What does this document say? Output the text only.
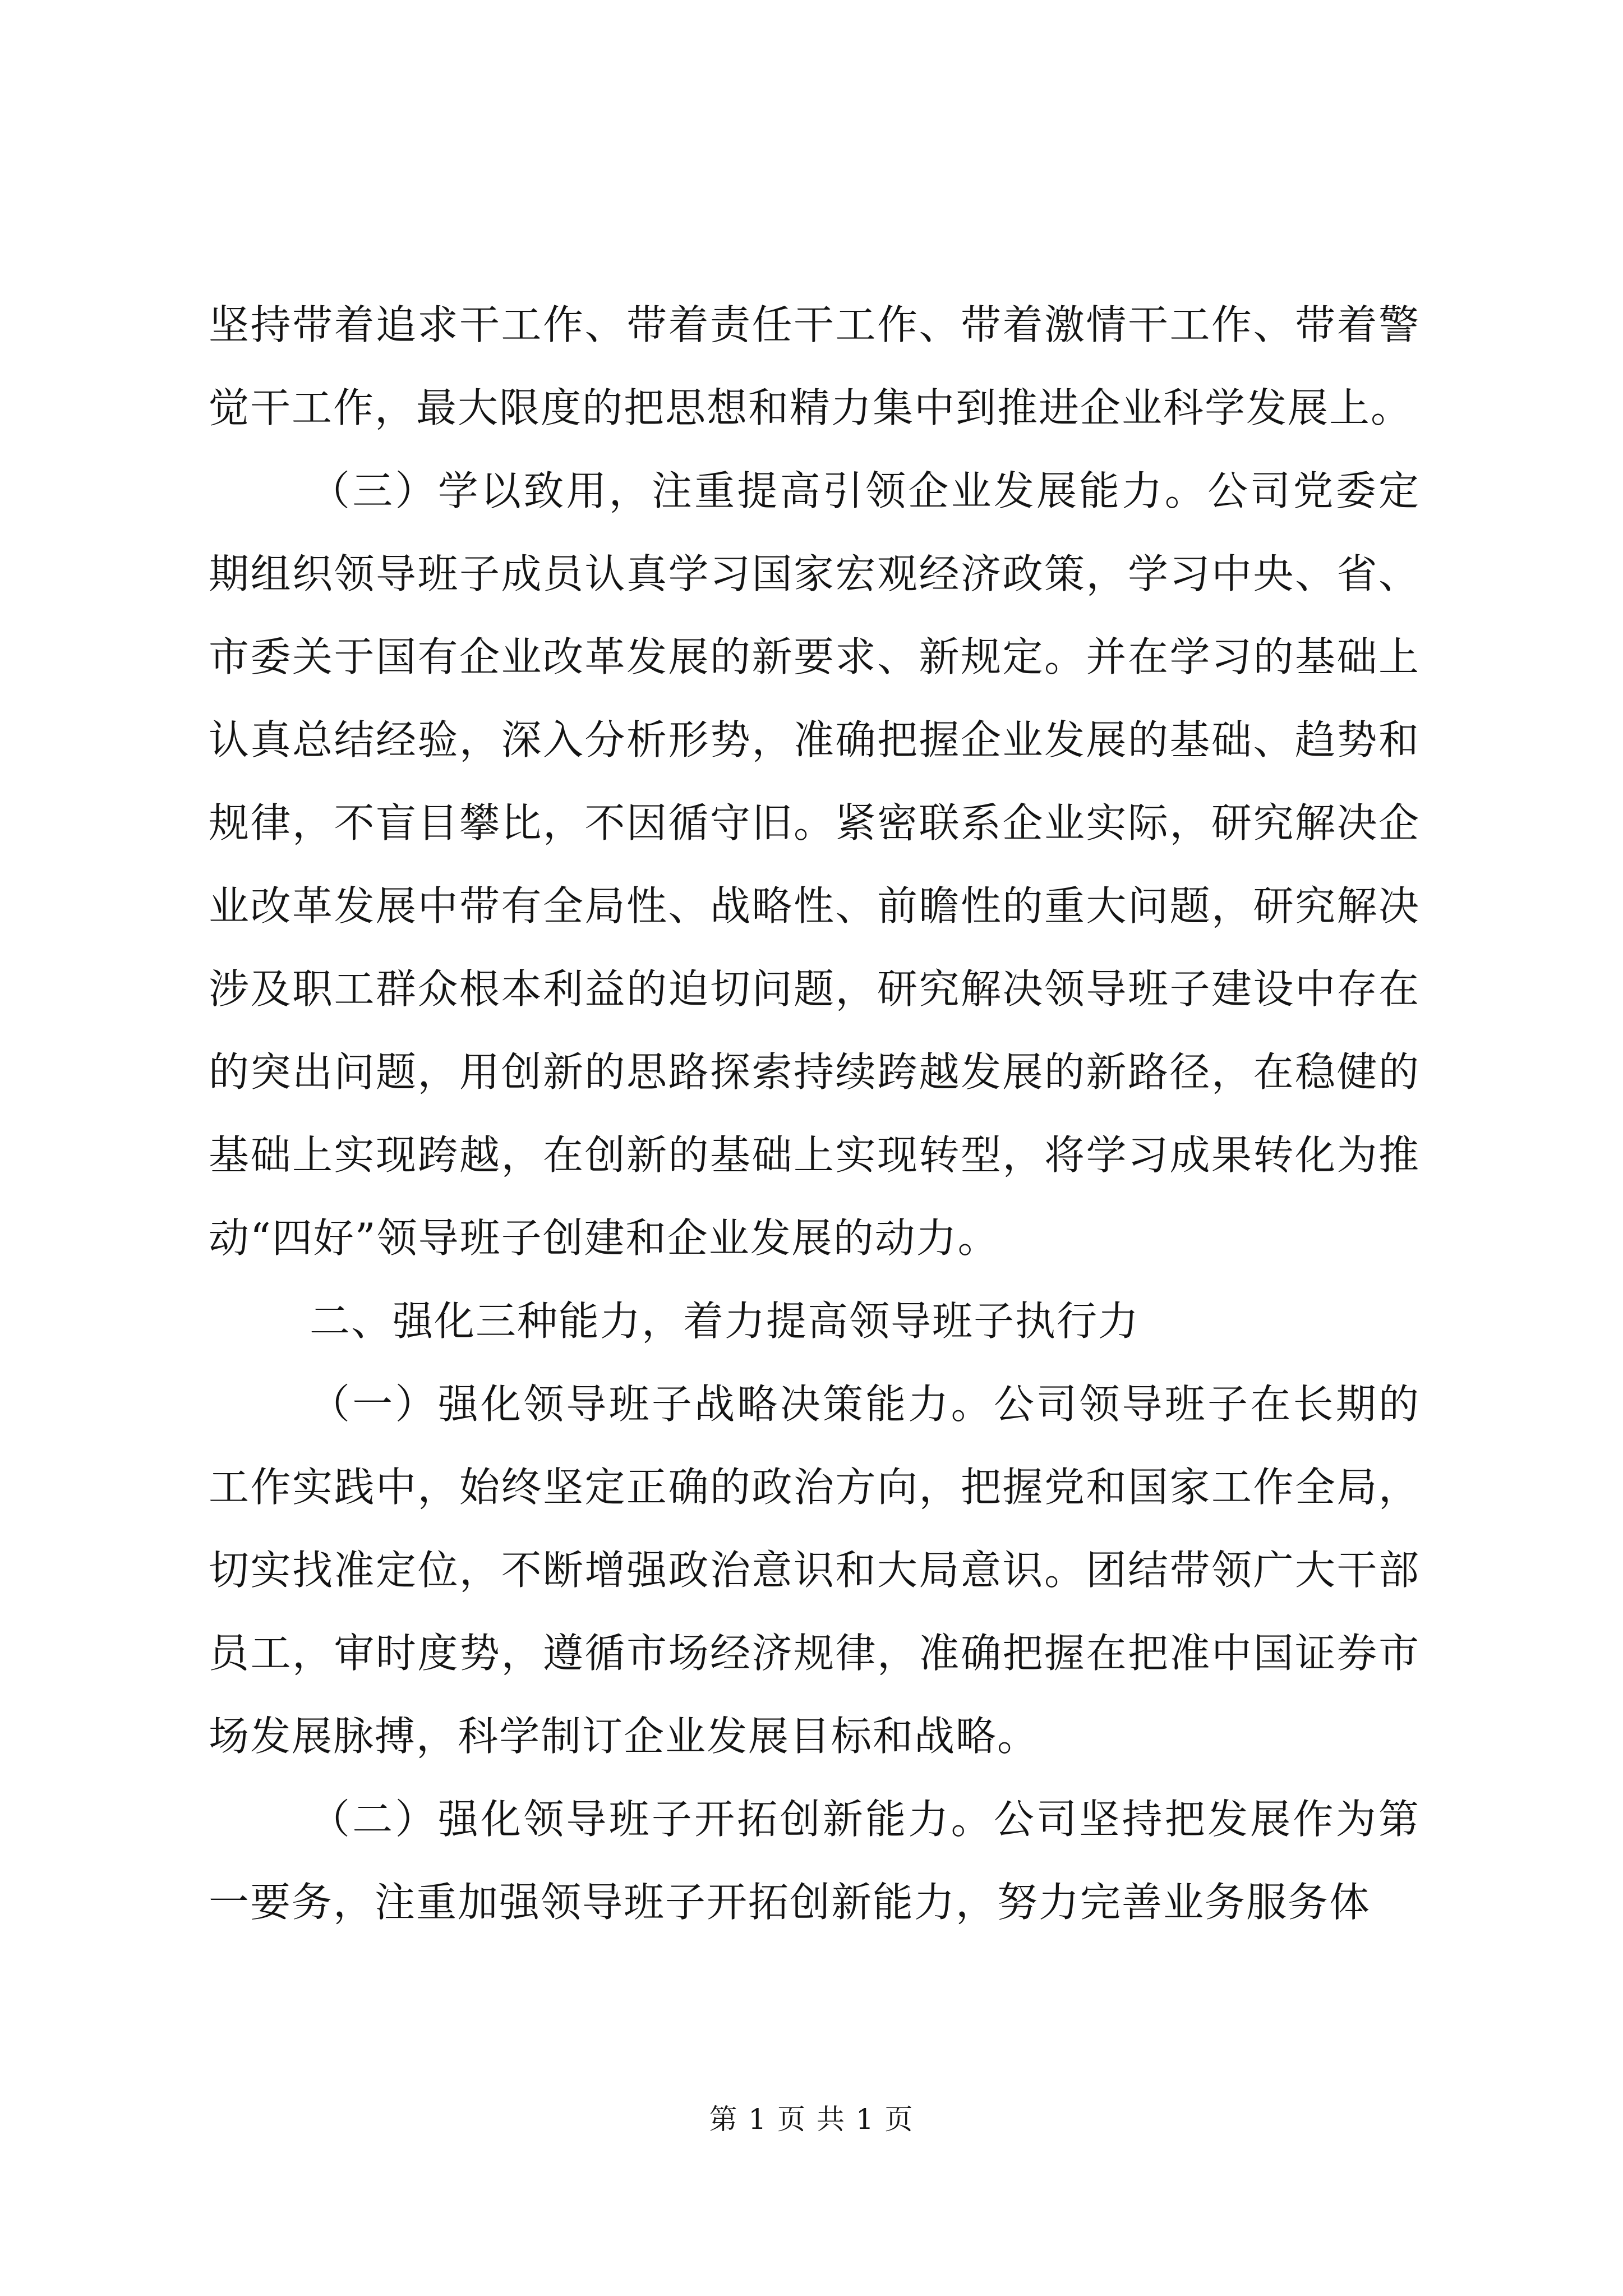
坚持带着追求干工作、带着责任干工作、带着激情干工作、带着警觉干工作，最大限度的把思想和精力集中到推进企业科学发展上。

（三）学以致用，注重提高引领企业发展能力。公司党委定期组织领导班子成员认真学习国家宏观经济政策，学习中央、省、市委关于国有企业改革发展的新要求、新规定。并在学习的基础上认真总结经验，深入分析形势，准确把握企业发展的基础、趋势和规律，不盲目攀比，不因循守旧。紧密联系企业实际，研究解决企业改革发展中带有全局性、战略性、前瞻性的重大问题，研究解决涉及职工群众根本利益的迫切问题，研究解决领导班子建设中存在的突出问题，用创新的思路探索持续跨越发展的新路径，在稳健的基础上实现跨越，在创新的基础上实现转型，将学习成果转化为推动“四好”领导班子创建和企业发展的动力。

二、强化三种能力，着力提高领导班子执行力

（一）强化领导班子战略决策能力。公司领导班子在长期的工作实践中，始终坚定正确的政治方向，把握党和国家工作全局，切实找准定位，不断增强政治意识和大局意识。团结带领广大干部员工，审时度势，遵循市场经济规律，准确把握在把准中国证券市场发展脉搏，科学制订企业发展目标和战略。

（二）强化领导班子开拓创新能力。公司坚持把发展作为第一要务，注重加强领导班子开拓创新能力，努力完善业务服务体

第 1 页 共 1 页
